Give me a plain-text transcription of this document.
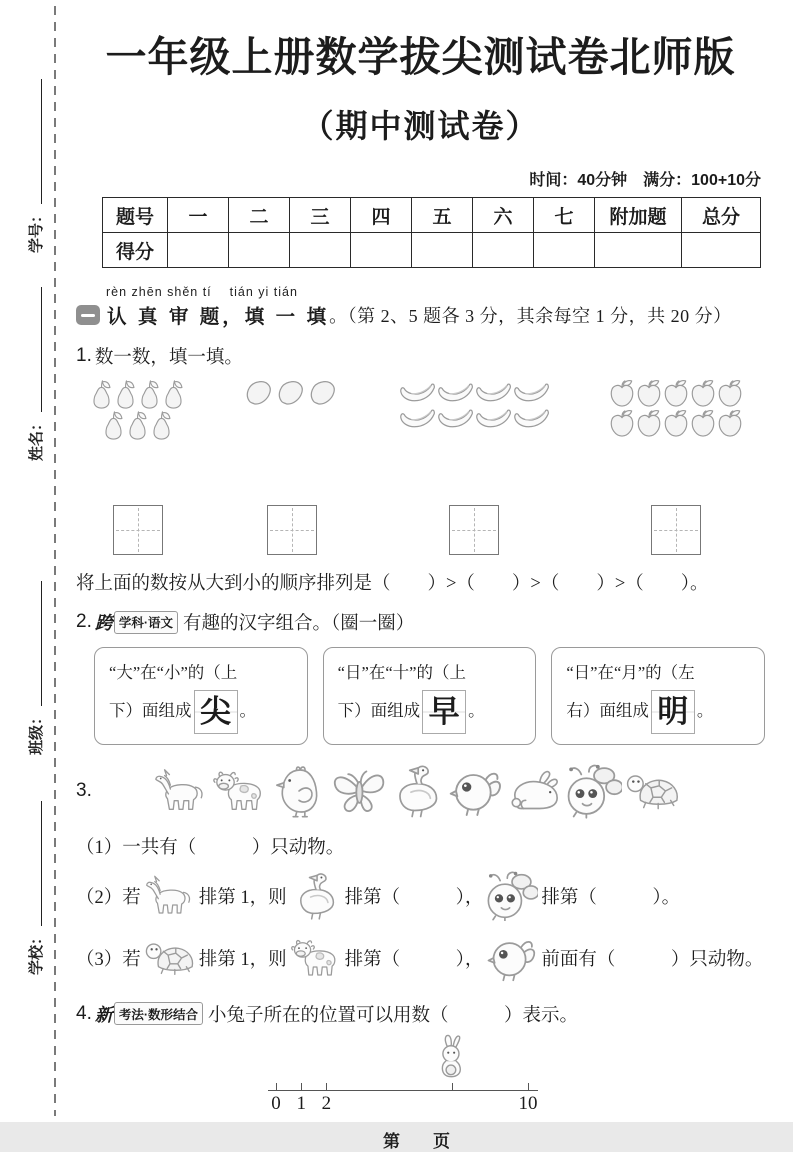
学号：
姓名：
班级：
学校：
一年级上册数学拔尖测试卷北师版
（期中测试卷）
时间：40分钟　满分：100+10分
题号	一	二	三	四	五	六	七	附加题	总分
得分									
rèn zhēn shěn tí　 tián yi tián
认 真 审 题，填 一 填 。（第 2、5 题各 3 分，其余每空 1 分，共 20 分）
1. 数一数，填一填。
将上面的数按从大到小的顺序排列是（　　）>（　　）>（　　）>（　　）。
2. 跨 学科·语文 有趣的汉字组合。（圈一圈）
“大”在“小”的（上
下）面组成 尖 。
“日”在“十”的（上
下）面组成 早 。
“日”在“月”的（左
右）面组成 明 。
3.
（1）一共有（　　　）只动物。
（2）若	排第 1，则	排第（　　　），	排第（　　　）。
（3）若	排第 1，则	排第（　　　），	前面有（　　　）只动物。
4. 新 考法·数形结合 小兔子所在的位置可以用数（　　　）表示。
0 1 2	10
第　页
